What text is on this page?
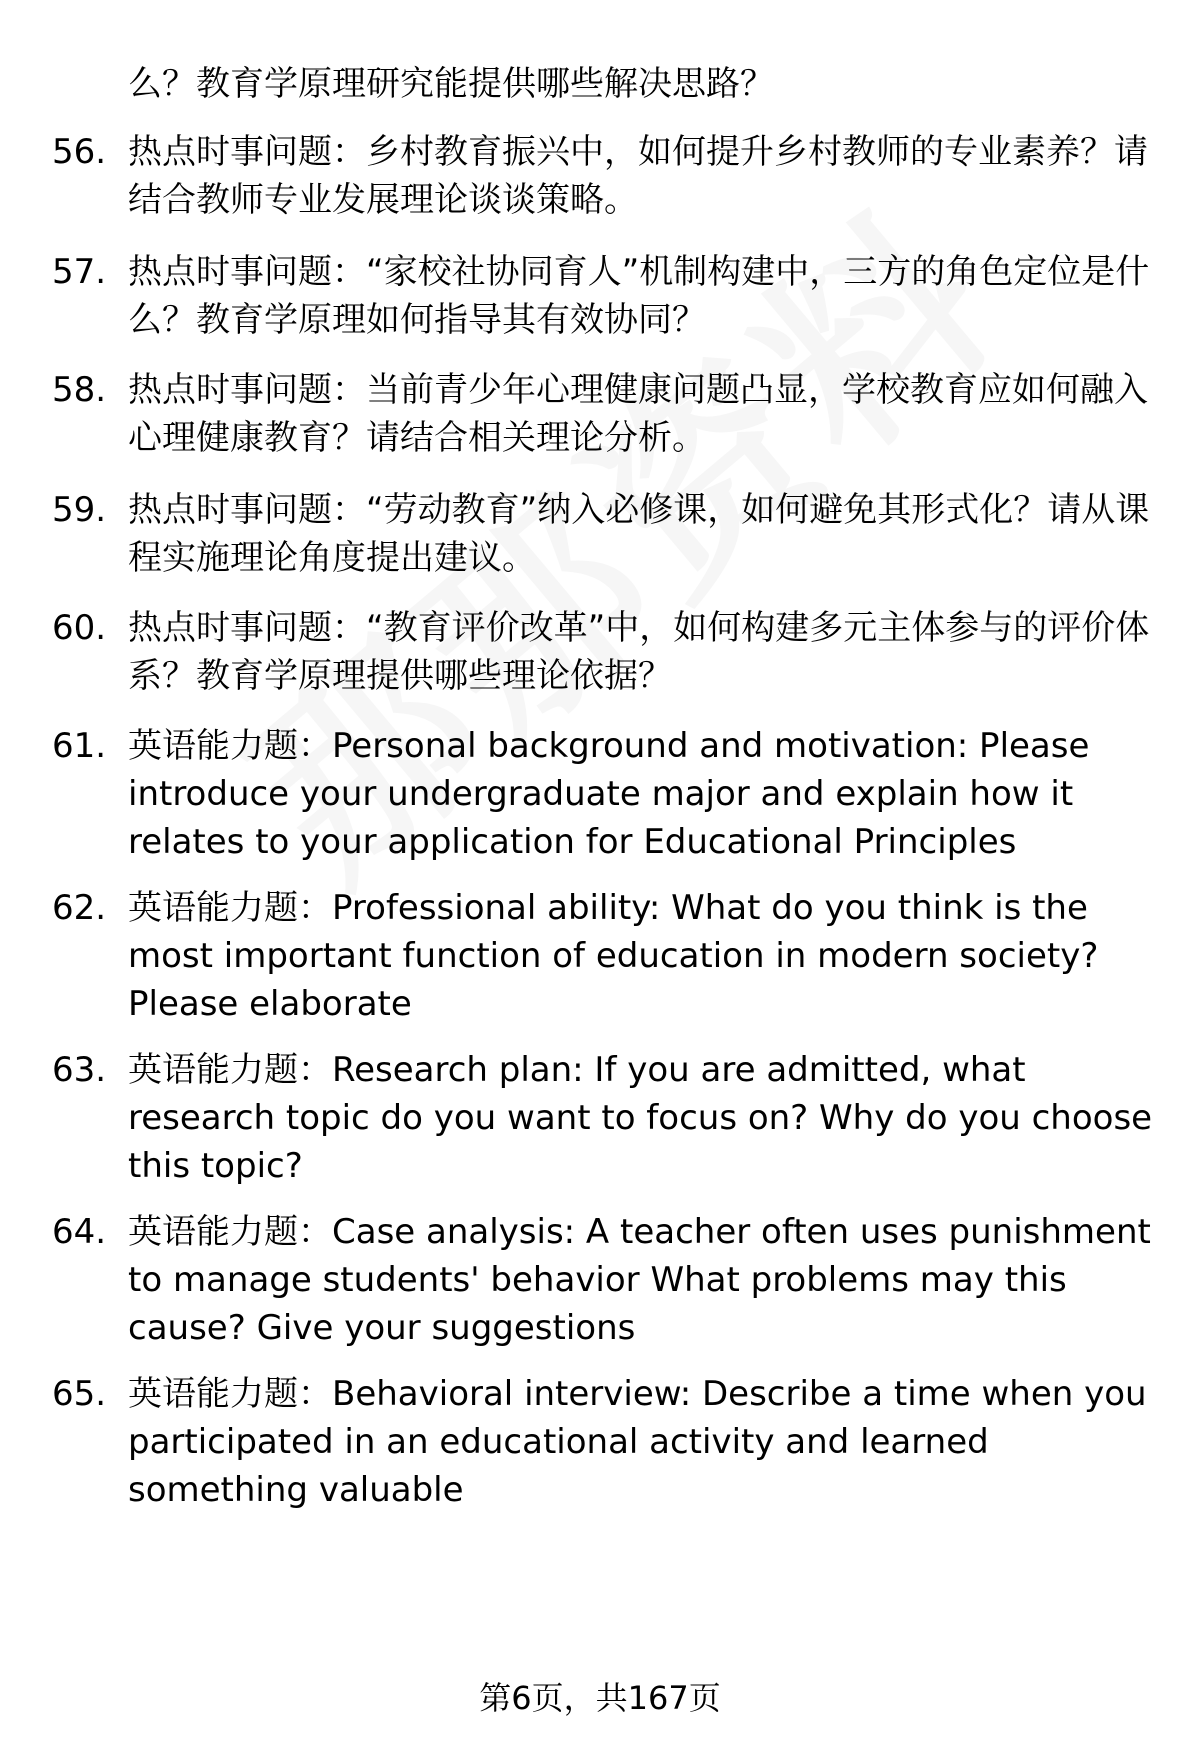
么？教育学原理研究能提供哪些解决思路？

56. 热点时事问题：乡村教育振兴中，如何提升乡村教师的专业素养？请结合教师专业发展理论谈谈策略。
57. 热点时事问题：“家校社协同育人”机制构建中，三方的角色定位是什么？教育学原理如何指导其有效协同？
58. 热点时事问题：当前青少年心理健康问题凸显，学校教育应如何融入心理健康教育？请结合相关理论分析。
59. 热点时事问题：“劳动教育”纳入必修课，如何避免其形式化？请从课程实施理论角度提出建议。
60. 热点时事问题：“教育评价改革”中，如何构建多元主体参与的评价体系？教育学原理提供哪些理论依据？
61. 英语能力题：Personal background and motivation: Please introduce your undergraduate major and explain how it relates to your application for Educational Principles
62. 英语能力题：Professional ability: What do you think is the most important function of education in modern society? Please elaborate
63. 英语能力题：Research plan: If you are admitted, what research topic do you want to focus on? Why do you choose this topic?
64. 英语能力题：Case analysis: A teacher often uses punishment to manage students' behavior What problems may this cause? Give your suggestions
65. 英语能力题：Behavioral interview: Describe a time when you participated in an educational activity and learned something valuable
第6页，共167页
